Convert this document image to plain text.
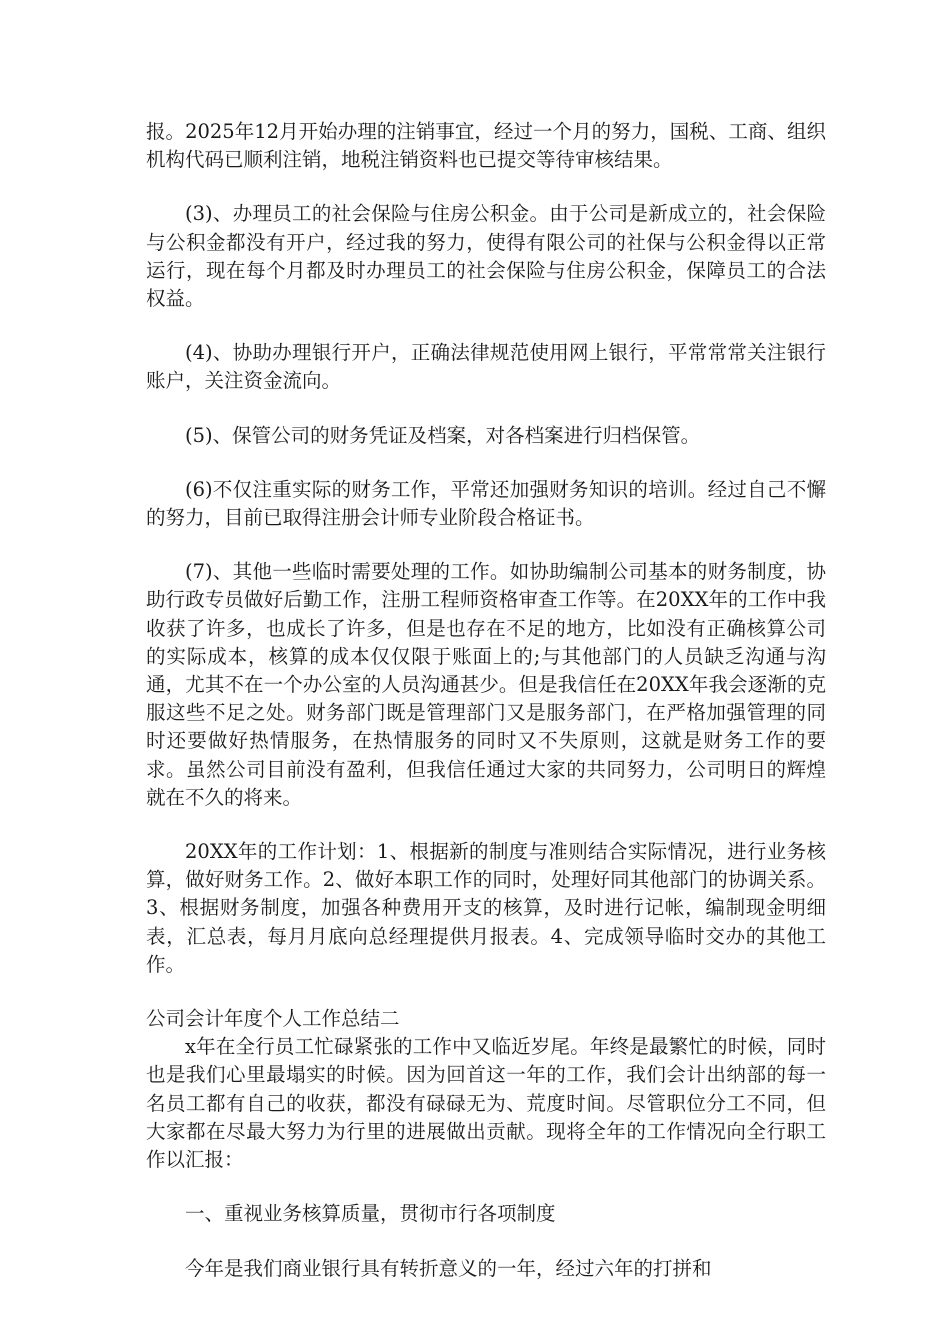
报。2025年12月开始办理的注销事宜，经过一个月的努力，国税、工商、组织机构代码已顺利注销，地税注销资料也已提交等待审核结果。

(3)、办理员工的社会保险与住房公积金。由于公司是新成立的，社会保险与公积金都没有开户，经过我的努力，使得有限公司的社保与公积金得以正常运行，现在每个月都及时办理员工的社会保险与住房公积金，保障员工的合法权益。

(4)、协助办理银行开户，正确法律规范使用网上银行，平常常常关注银行账户，关注资金流向。

(5)、保管公司的财务凭证及档案，对各档案进行归档保管。

(6)不仅注重实际的财务工作，平常还加强财务知识的培训。经过自己不懈的努力，目前已取得注册会计师专业阶段合格证书。

(7)、其他一些临时需要处理的工作。如协助编制公司基本的财务制度，协助行政专员做好后勤工作，注册工程师资格审查工作等。在20XX年的工作中我收获了许多，也成长了许多，但是也存在不足的地方，比如没有正确核算公司的实际成本，核算的成本仅仅限于账面上的;与其他部门的人员缺乏沟通与沟通，尤其不在一个办公室的人员沟通甚少。但是我信任在20XX年我会逐渐的克服这些不足之处。财务部门既是管理部门又是服务部门，在严格加强管理的同时还要做好热情服务，在热情服务的同时又不失原则，这就是财务工作的要求。虽然公司目前没有盈利，但我信任通过大家的共同努力，公司明日的辉煌就在不久的将来。

20XX年的工作计划：1、根据新的制度与准则结合实际情况，进行业务核算，做好财务工作。2、做好本职工作的同时，处理好同其他部门的协调关系。3、根据财务制度，加强各种费用开支的核算，及时进行记帐，编制现金明细表，汇总表，每月月底向总经理提供月报表。4、完成领导临时交办的其他工作。

公司会计年度个人工作总结二

x年在全行员工忙碌紧张的工作中又临近岁尾。年终是最繁忙的时候，同时也是我们心里最塌实的时候。因为回首这一年的工作，我们会计出纳部的每一名员工都有自己的收获，都没有碌碌无为、荒度时间。尽管职位分工不同，但大家都在尽最大努力为行里的进展做出贡献。现将全年的工作情况向全行职工作以汇报：

一、重视业务核算质量，贯彻市行各项制度

今年是我们商业银行具有转折意义的一年，经过六年的打拼和
